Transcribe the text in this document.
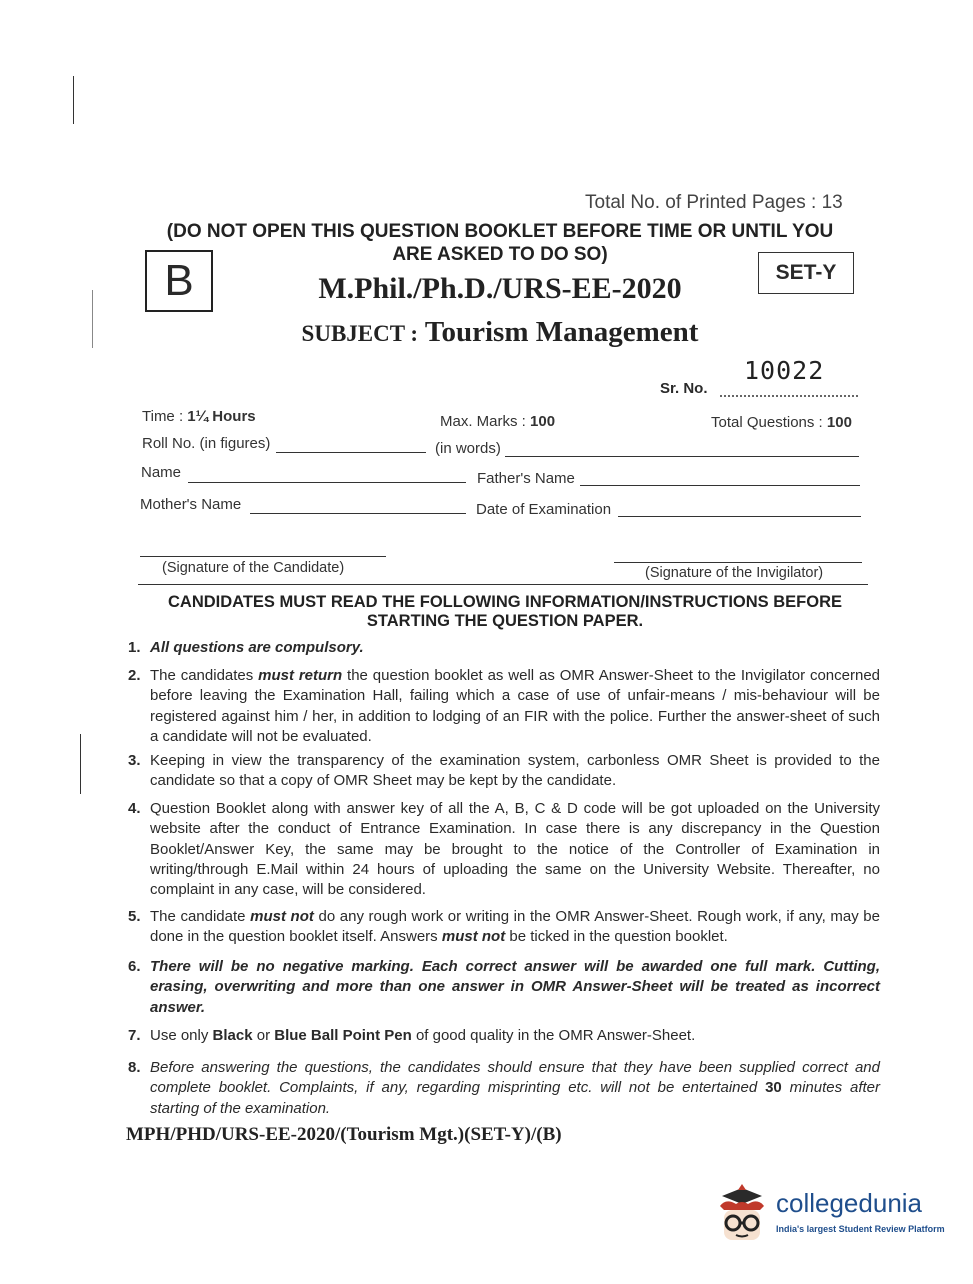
Total No. of Printed Pages : 13
(DO NOT OPEN THIS QUESTION BOOKLET BEFORE TIME OR UNTIL YOU
ARE ASKED TO DO SO)
B	SET-Y
M.Phil./Ph.D./URS-EE-2020
SUBJECT : Tourism Management
10022
Sr. No.
Time : 1¼ Hours	Max. Marks : 100	Total Questions : 100
Roll No. (in figures)	(in words)
Name	Father's Name
Mother's Name	Date of Examination
(Signature of the Candidate)	(Signature of the Invigilator)
CANDIDATES MUST READ THE FOLLOWING INFORMATION/INSTRUCTIONS BEFORE
STARTING THE QUESTION PAPER.
1. All questions are compulsory.
2. The candidates must return the question booklet as well as OMR Answer-Sheet to the Invigilator concerned before leaving the Examination Hall, failing which a case of use of unfair-means / mis-behaviour will be registered against him / her, in addition to lodging of an FIR with the police. Further the answer-sheet of such a candidate will not be evaluated.
3. Keeping in view the transparency of the examination system, carbonless OMR Sheet is provided to the candidate so that a copy of OMR Sheet may be kept by the candidate.
4. Question Booklet along with answer key of all the A, B, C & D code will be got uploaded on the University website after the conduct of Entrance Examination. In case there is any discrepancy in the Question Booklet/Answer Key, the same may be brought to the notice of the Controller of Examination in writing/through E.Mail within 24 hours of uploading the same on the University Website. Thereafter, no complaint in any case, will be considered.
5. The candidate must not do any rough work or writing in the OMR Answer-Sheet. Rough work, if any, may be done in the question booklet itself. Answers must not be ticked in the question booklet.
6. There will be no negative marking. Each correct answer will be awarded one full mark. Cutting, erasing, overwriting and more than one answer in OMR Answer-Sheet will be treated as incorrect answer.
7. Use only Black or Blue Ball Point Pen of good quality in the OMR Answer-Sheet.
8. Before answering the questions, the candidates should ensure that they have been supplied correct and complete booklet. Complaints, if any, regarding misprinting etc. will not be entertained 30 minutes after starting of the examination.
MPH/PHD/URS-EE-2020/(Tourism Mgt.)(SET-Y)/(B)
collegedunia
India's largest Student Review Platform
